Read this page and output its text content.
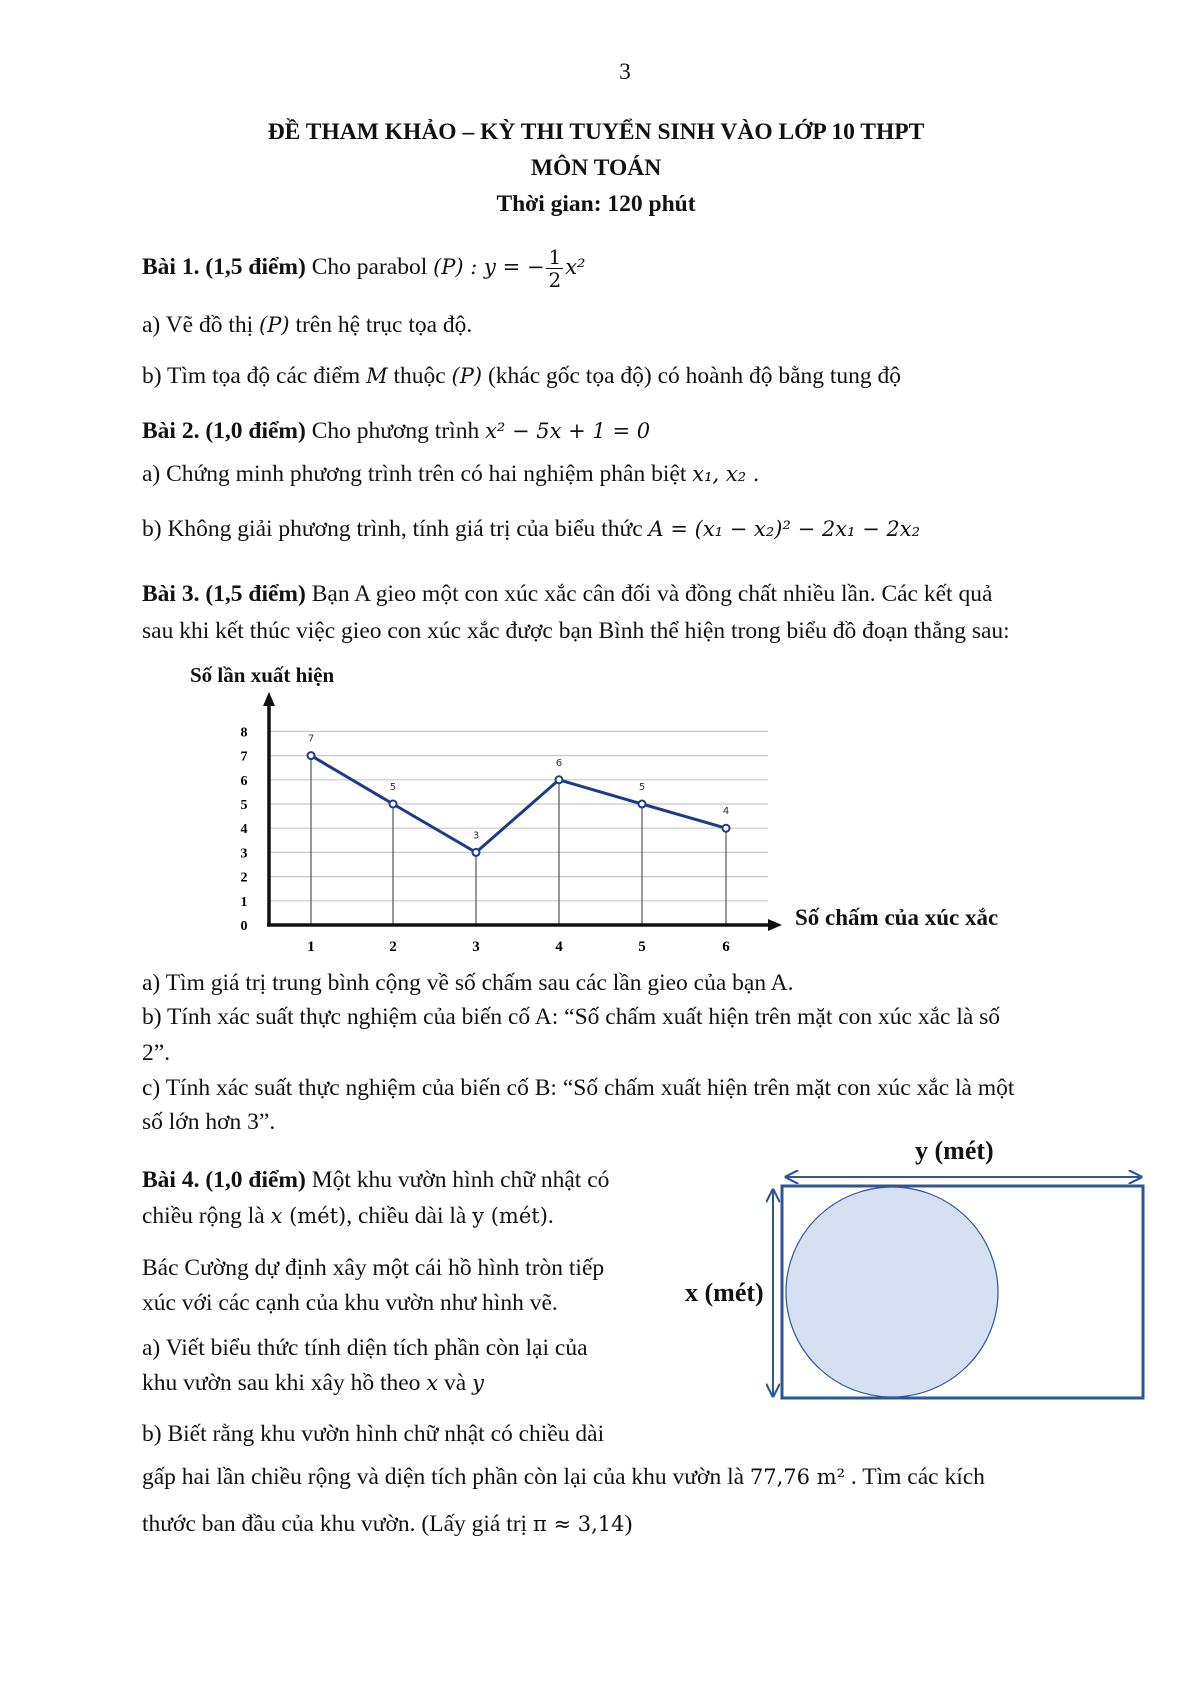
3
ĐỀ THAM KHẢO – KỲ THI TUYỂN SINH VÀO LỚP 10 THPT
MÔN TOÁN
Thời gian: 120 phút
Bài 1. (1,5 điểm) Cho parabol (P) : y = − $\frac{1}{2} x^2$
a) Vẽ đồ thị (P) trên hệ trục tọa độ.
b) Tìm tọa độ các điểm M thuộc (P) (khác gốc tọa độ) có hoành độ bằng tung độ
Bài 2. (1,0 điểm) Cho phương trình x² − 5x + 1 = 0
a) Chứng minh phương trình trên có hai nghiệm phân biệt x₁, x₂ .
b) Không giải phương trình, tính giá trị của biểu thức A = (x₁ − x₂)² − 2x₁ − 2x₂
Bài 3. (1,5 điểm) Bạn A gieo một con xúc xắc cân đối và đồng chất nhiều lần. Các kết quả
sau khi kết thúc việc gieo con xúc xắc được bạn Bình thể hiện trong biểu đồ đoạn thẳng sau:
Số lần xuất hiện
Số chấm của xúc xắc
0
1
2
3
4
5
6
7
8
1	2	3	4	5	6
7
5
3
6
5
4
a) Tìm giá trị trung bình cộng về số chấm sau các lần gieo của bạn A.
b) Tính xác suất thực nghiệm của biến cố A: “Số chấm xuất hiện trên mặt con xúc xắc là số
2”.
c) Tính xác suất thực nghiệm của biến cố B: “Số chấm xuất hiện trên mặt con xúc xắc là một
số lớn hơn 3”.
Bài 4. (1,0 điểm) Một khu vườn hình chữ nhật có
chiều rộng là x (mét), chiều dài là y (mét).
Bác Cường dự định xây một cái hồ hình tròn tiếp
xúc với các cạnh của khu vườn như hình vẽ.
a) Viết biểu thức tính diện tích phần còn lại của
khu vườn sau khi xây hồ theo x và y
b) Biết rằng khu vườn hình chữ nhật có chiều dài
gấp hai lần chiều rộng và diện tích phần còn lại của khu vườn là 77,76 m² . Tìm các kích
thước ban đầu của khu vườn. (Lấy giá trị π ≈ 3,14)
y (mét)
x (mét)
